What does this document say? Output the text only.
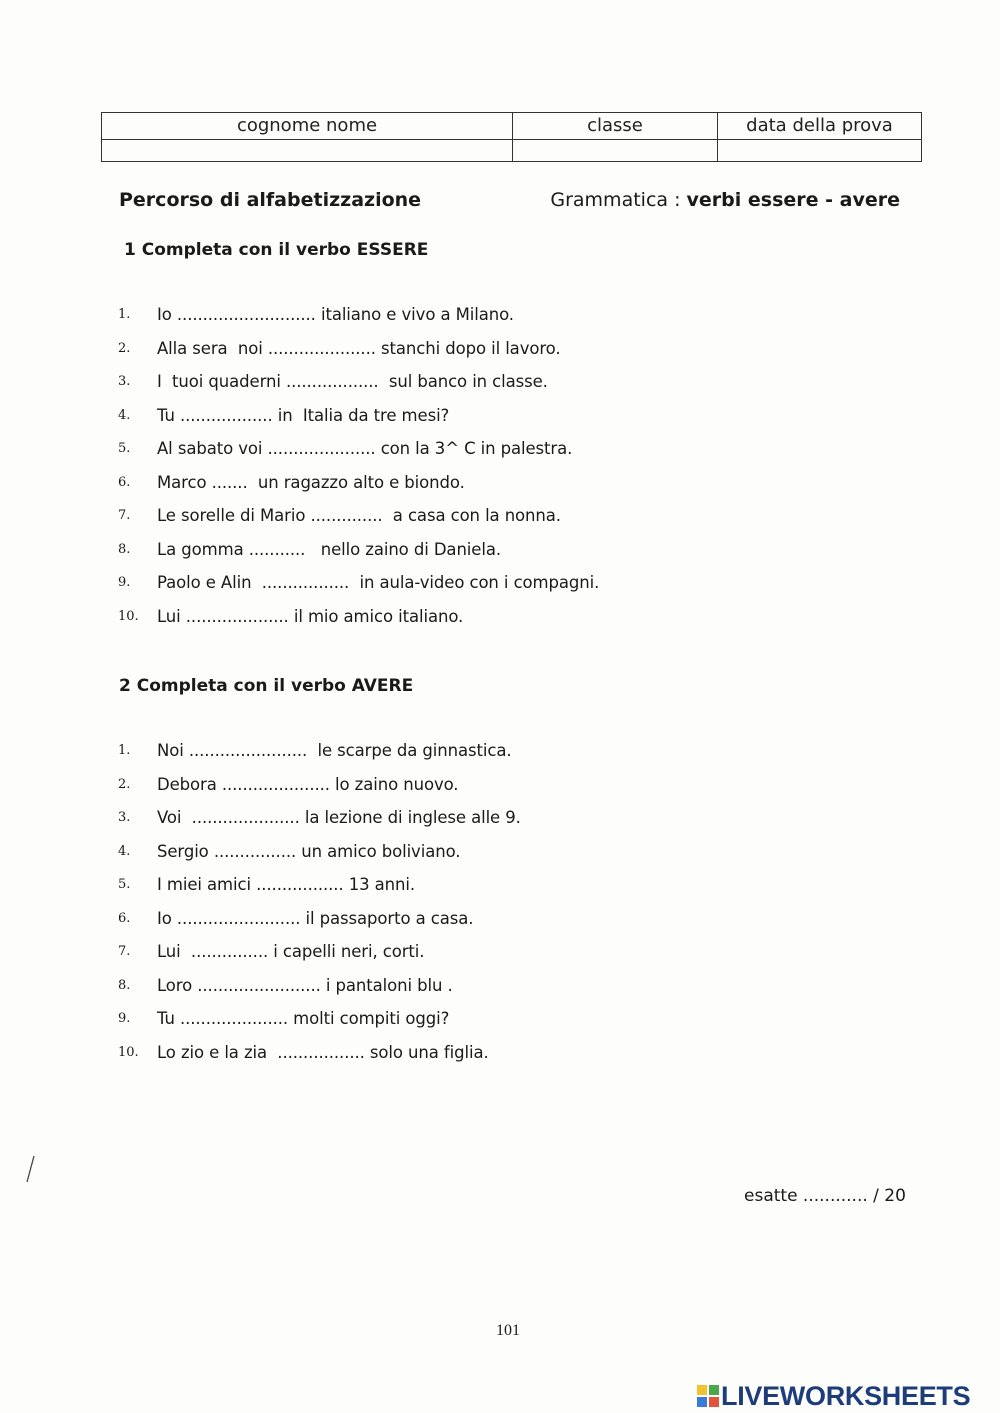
cognome nome	classe	data della prova

Percorso di alfabetizzazione	Grammatica : verbi essere - avere
1 Completa con il verbo ESSERE
1. Io ........................... italiano e vivo a Milano.
2. Alla sera  noi ..................... stanchi dopo il lavoro.
3. I  tuoi quaderni ..................  sul banco in classe.
4. Tu .................. in  Italia da tre mesi?
5. Al sabato voi ..................... con la 3^ C in palestra.
6. Marco .......  un ragazzo alto e biondo.
7. Le sorelle di Mario ..............  a casa con la nonna.
8. La gomma ...........   nello zaino di Daniela.
9. Paolo e Alin  .................  in aula-video con i compagni.
10. Lui .................... il mio amico italiano.
2 Completa con il verbo AVERE
1. Noi .......................  le scarpe da ginnastica.
2. Debora ..................... lo zaino nuovo.
3. Voi  ..................... la lezione di inglese alle 9.
4. Sergio ................ un amico boliviano.
5. I miei amici ................. 13 anni.
6. Io ........................ il passaporto a casa.
7. Lui  ............... i capelli neri, corti.
8. Loro ........................ i pantaloni blu .
9. Tu ..................... molti compiti oggi?
10. Lo zio e la zia  ................. solo una figlia.
esatte ............ / 20
101
LIVEWORKSHEETS
